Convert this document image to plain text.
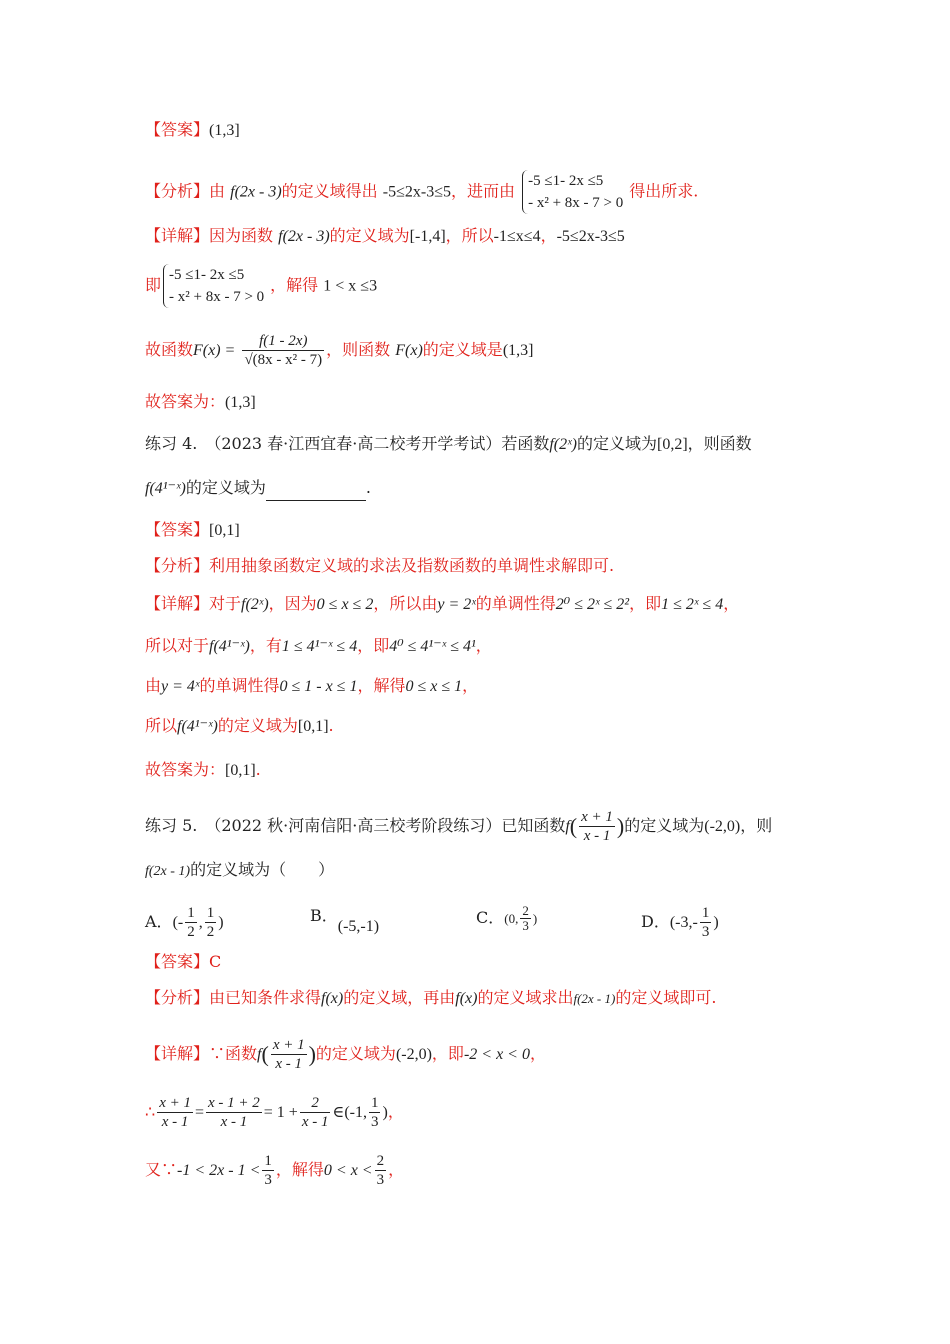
【答案】(1,3]
【分析】由 f(2x - 3)的定义域得出 -5≤2x-3≤5，进而由
-5 ≤1- 2x ≤5
- x² + 8x - 7 > 0
得出所求.
【详解】因为函数 f(2x - 3)的定义域为[-1,4]，所以-1≤x≤4，-5≤2x-3≤5
即
-5 ≤1- 2x ≤5
- x² + 8x - 7 > 0
，解得 1 < x ≤3
故函数$F(x) = \frac{f(1 - 2x)}{\text{√(8x - x² - 7)}}$ ，则函数 F(x)的定义域是(1,3]
故答案为：(1,3]
练习 4.　（2023 春·江西宜春·高二校考开学考试）若函数f(2ˣ)的定义域为[0,2]，则函数
f(4¹⁻ˣ)的定义域为	.
【答案】[0,1]
【分析】利用抽象函数定义域的求法及指数函数的单调性求解即可.
【详解】对于f(2ˣ)，因为0 ≤ x ≤ 2，所以由y = 2ˣ的单调性得2⁰ ≤ 2ˣ ≤ 2²，即1 ≤ 2ˣ ≤ 4，
所以对于f(4¹⁻ˣ)，有1 ≤ 4¹⁻ˣ ≤ 4，即4⁰ ≤ 4¹⁻ˣ ≤ 4¹，
由y = 4ˣ的单调性得0 ≤ 1 - x ≤ 1，解得0 ≤ x ≤ 1，
所以f(4¹⁻ˣ)的定义域为[0,1].
故答案为：[0,1].
练习 5.　（2022 秋·河南信阳·高三校考阶段练习）已知函数$f( \frac{x + 1}{x - 1}$ )的定义域为(-2,0)，则
f(2x - 1)的定义域为（　　）
A．(- $\frac{1}{2}$ , $\frac{1}{2}$ )	B．(-5,-1)	C．(0, $\frac{2}{3}$ )	D．($-3,- \frac{1}{3}$ )
【答案】C
【分析】由已知条件求得f(x)的定义域，再由f(x)的定义域求出f(2x - 1)的定义域即可.
【详解】∵函数$f( \frac{x + 1}{x - 1}$ )的定义域为(-2,0)，即-2 < x < 0，
∴ $\frac{x + 1}{x - 1} = \frac{x - 1 + 2}{x - 1} = 1 + \frac{2}{x - 1}$ ∈(-1, $\frac{1}{3}$ )，
又∵-1 < $2x - 1 < \frac{1}{3}$ ，解得$0 < x < \frac{2}{3}$ ，
